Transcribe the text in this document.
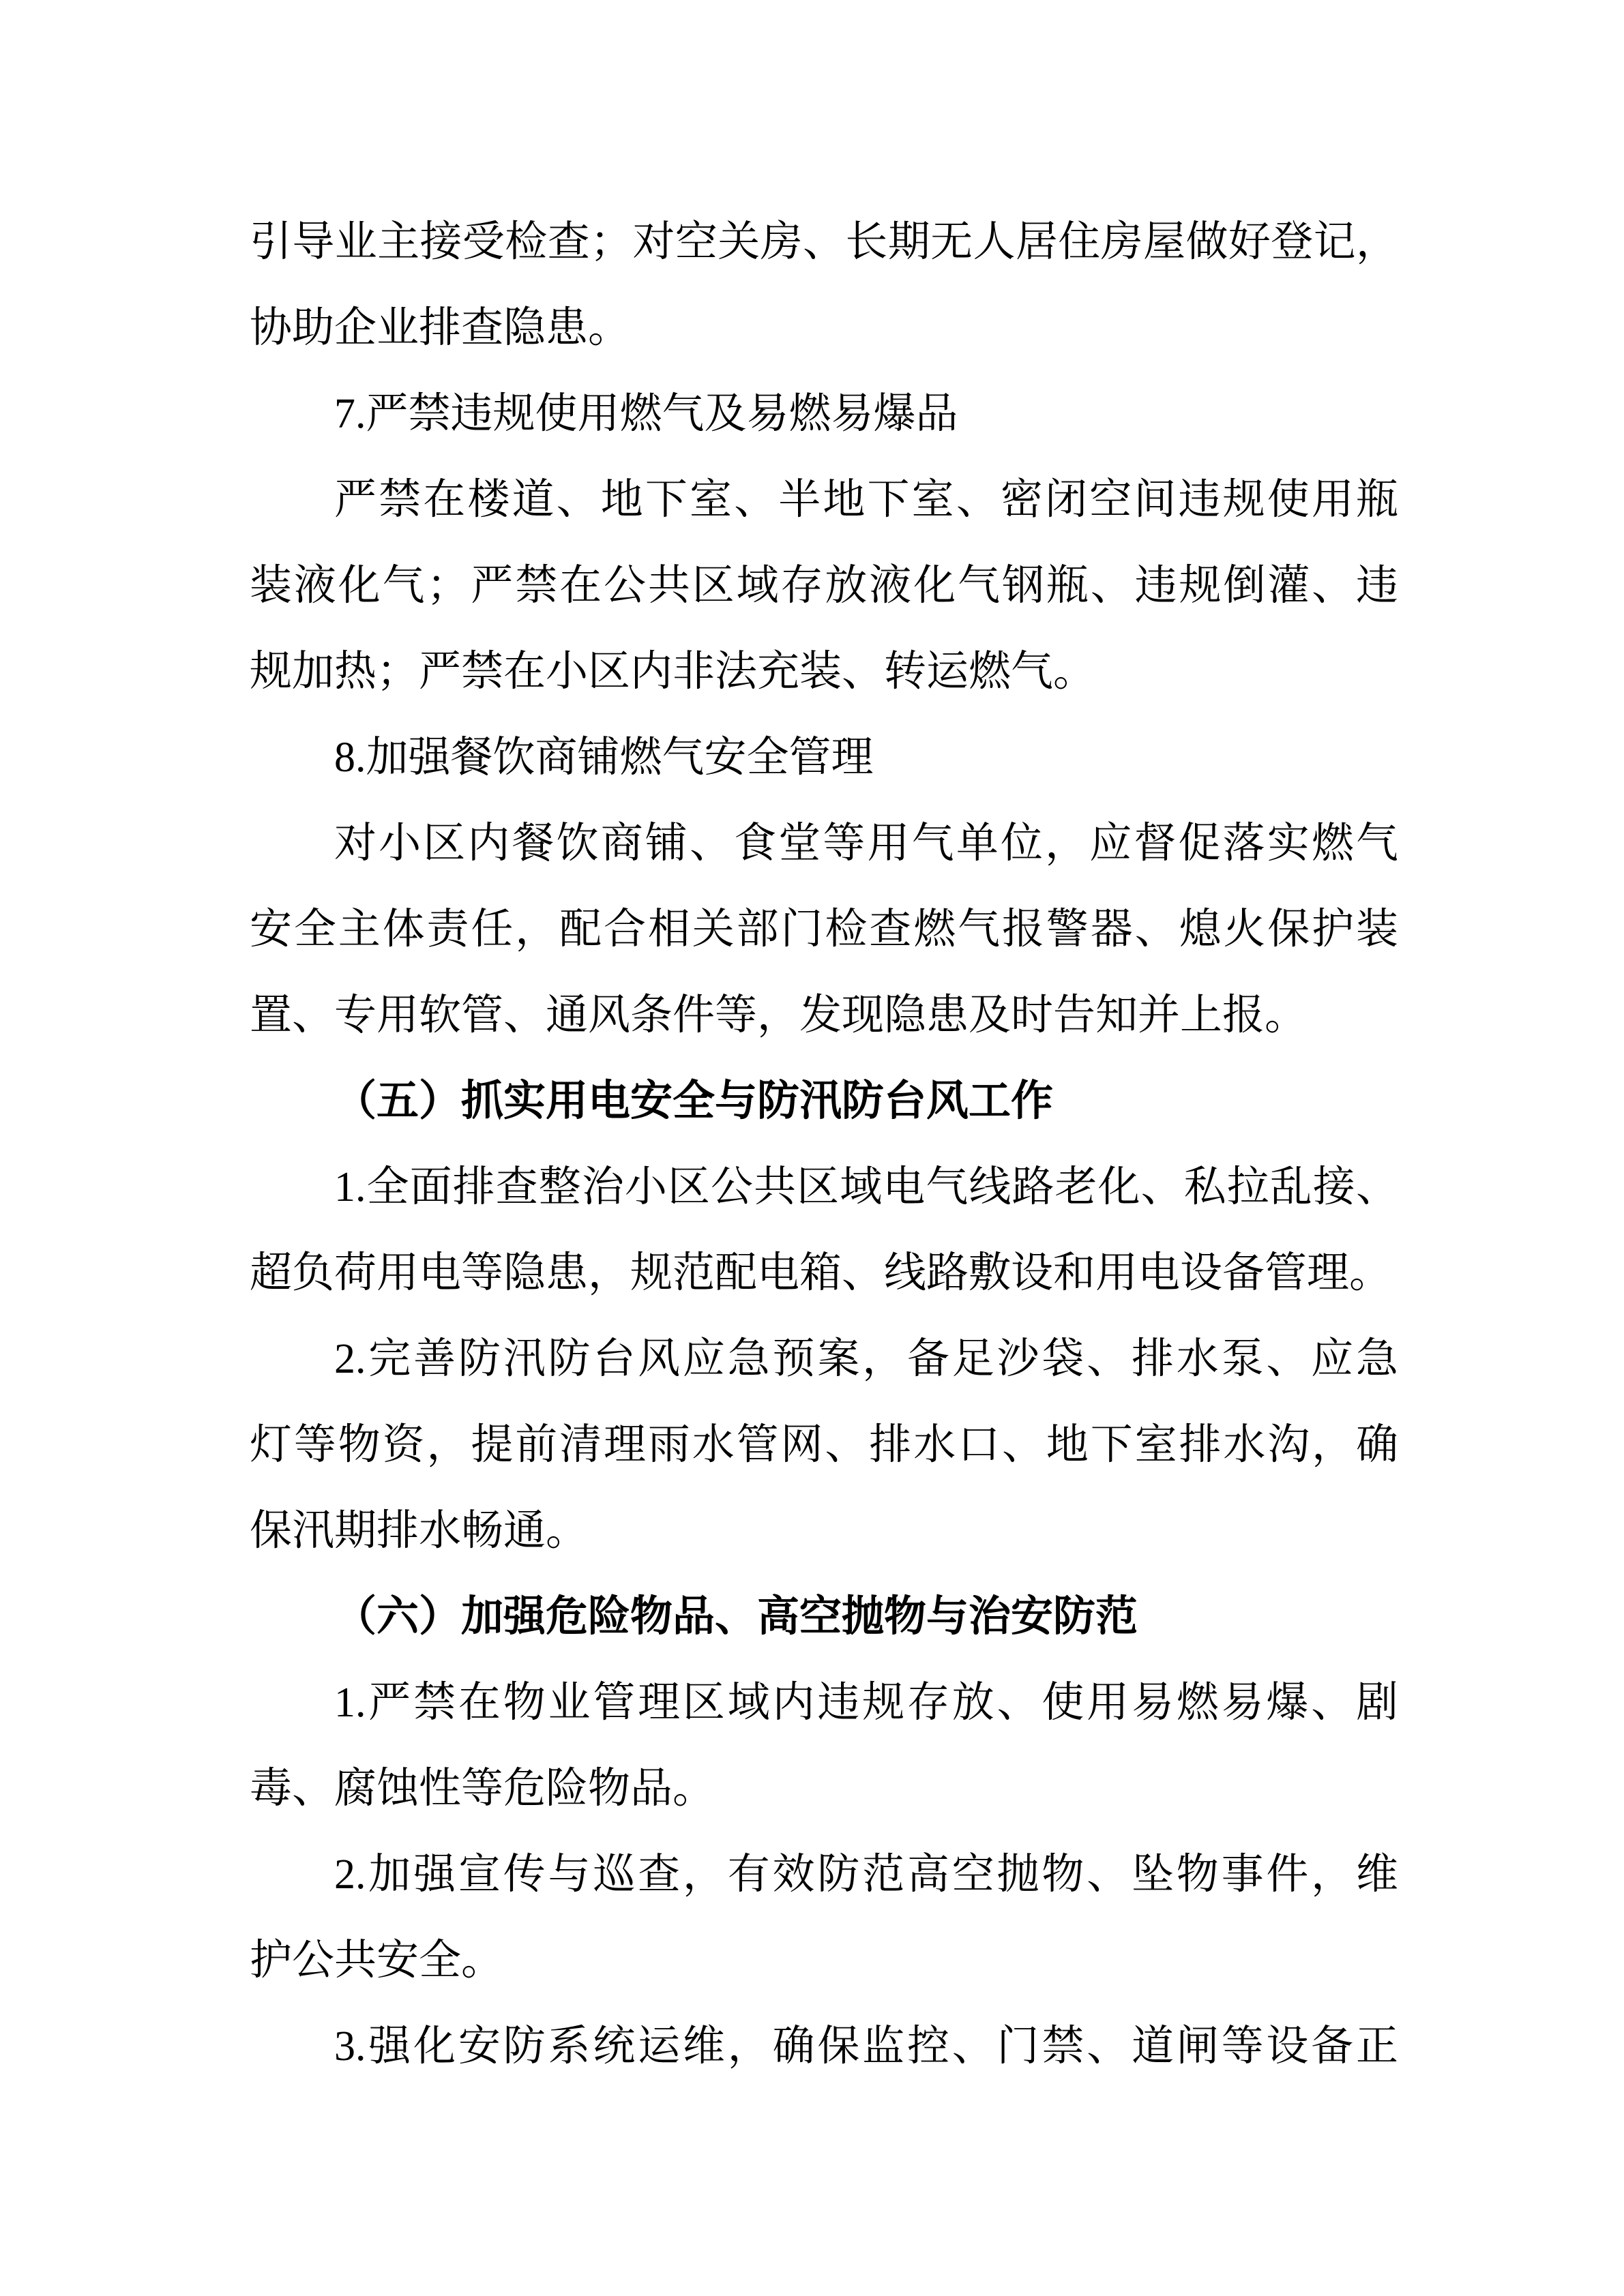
引导业主接受检查；对空关房、长期无人居住房屋做好登记，
协助企业排查隐患。
7.严禁违规使用燃气及易燃易爆品
严禁在楼道、地下室、半地下室、密闭空间违规使用瓶
装液化气；严禁在公共区域存放液化气钢瓶、违规倒灌、违
规加热；严禁在小区内非法充装、转运燃气。
8.加强餐饮商铺燃气安全管理
对小区内餐饮商铺、食堂等用气单位，应督促落实燃气
安全主体责任，配合相关部门检查燃气报警器、熄火保护装
置、专用软管、通风条件等，发现隐患及时告知并上报。
（五）抓实用电安全与防汛防台风工作
1.全面排查整治小区公共区域电气线路老化、私拉乱接、
超负荷用电等隐患，规范配电箱、线路敷设和用电设备管理。
2.完善防汛防台风应急预案，备足沙袋、排水泵、应急
灯等物资，提前清理雨水管网、排水口、地下室排水沟，确
保汛期排水畅通。
（六）加强危险物品、高空抛物与治安防范
1.严禁在物业管理区域内违规存放、使用易燃易爆、剧
毒、腐蚀性等危险物品。
2.加强宣传与巡查，有效防范高空抛物、坠物事件，维
护公共安全。
3.强化安防系统运维，确保监控、门禁、道闸等设备正
